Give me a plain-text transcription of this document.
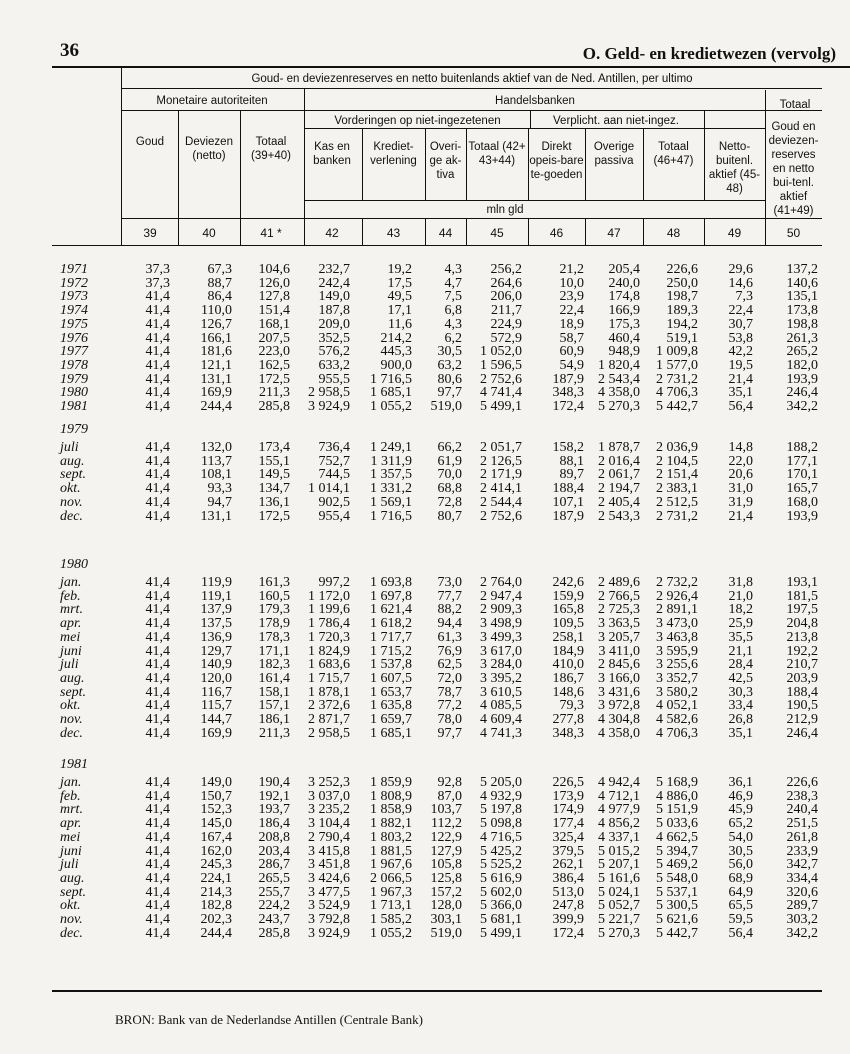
36	O. Geld- en kredietwezen (vervolg)
Goud- en deviezenreserves en netto buitenlands aktief van de Ned. Antillen, per ultimo
Monetaire autoriteiten	Handelsbanken	Totaal
Vorderingen op niet-ingezetenen	Verplicht. aan niet-ingez.
mln gld
Goud	Deviezen (netto)
Totaal (39+40)
Kas en banken
Krediet-verlening
Overi-ge ak-tiva
Totaal (42+ 43+44)
Direkt opeis-bare te-goeden
Overige passiva
Totaal (46+47)
Netto-buitenl. aktief (45-48)
Goud en deviezen-reserves en netto bui-tenl. aktief (41+49)
39	40	41 *	42	43	44	45	46	47	48	49	50
1971	37,3	67,3	104,6	232,7	19,2	4,3	256,2	21,2	205,4	226,6	29,6	137,2
1972	37,3	88,7	126,0	242,4	17,5	4,7	264,6	10,0	240,0	250,0	14,6	140,6
1973	41,4	86,4	127,8	149,0	49,5	7,5	206,0	23,9	174,8	198,7	7,3	135,1
1974	41,4	110,0	151,4	187,8	17,1	6,8	211,7	22,4	166,9	189,3	22,4	173,8
1975	41,4	126,7	168,1	209,0	11,6	4,3	224,9	18,9	175,3	194,2	30,7	198,8
1976	41,4	166,1	207,5	352,5	214,2	6,2	572,9	58,7	460,4	519,1	53,8	261,3
1977	41,4	181,6	223,0	576,2	445,3	30,5	1 052,0	60,9	948,9	1 009,8	42,2	265,2
1978	41,4	121,1	162,5	633,2	900,0	63,2	1 596,5	54,9	1 820,4	1 577,0	19,5	182,0
1979	41,4	131,1	172,5	955,5	1 716,5	80,6	2 752,6	187,9	2 543,4	2 731,2	21,4	193,9
1980	41,4	169,9	211,3	2 958,5	1 685,1	97,7	4 741,4	348,3	4 358,0	4 706,3	35,1	246,4
1981	41,4	244,4	285,8	3 924,9	1 055,2	519,0	5 499,1	172,4	5 270,3	5 442,7	56,4	342,2
1979
juli	41,4	132,0	173,4	736,4	1 249,1	66,2	2 051,7	158,2	1 878,7	2 036,9	14,8	188,2
aug.	41,4	113,7	155,1	752,7	1 311,9	61,9	2 126,5	88,1	2 016,4	2 104,5	22,0	177,1
sept.	41,4	108,1	149,5	744,5	1 357,5	70,0	2 171,9	89,7	2 061,7	2 151,4	20,6	170,1
okt.	41,4	93,3	134,7	1 014,1	1 331,2	68,8	2 414,1	188,4	2 194,7	2 383,1	31,0	165,7
nov.	41,4	94,7	136,1	902,5	1 569,1	72,8	2 544,4	107,1	2 405,4	2 512,5	31,9	168,0
dec.	41,4	131,1	172,5	955,4	1 716,5	80,7	2 752,6	187,9	2 543,3	2 731,2	21,4	193,9
1980
jan.	41,4	119,9	161,3	997,2	1 693,8	73,0	2 764,0	242,6	2 489,6	2 732,2	31,8	193,1
feb.	41,4	119,1	160,5	1 172,0	1 697,8	77,7	2 947,4	159,9	2 766,5	2 926,4	21,0	181,5
mrt.	41,4	137,9	179,3	1 199,6	1 621,4	88,2	2 909,3	165,8	2 725,3	2 891,1	18,2	197,5
apr.	41,4	137,5	178,9	1 786,4	1 618,2	94,4	3 498,9	109,5	3 363,5	3 473,0	25,9	204,8
mei	41,4	136,9	178,3	1 720,3	1 717,7	61,3	3 499,3	258,1	3 205,7	3 463,8	35,5	213,8
juni	41,4	129,7	171,1	1 824,9	1 715,2	76,9	3 617,0	184,9	3 411,0	3 595,9	21,1	192,2
juli	41,4	140,9	182,3	1 683,6	1 537,8	62,5	3 284,0	410,0	2 845,6	3 255,6	28,4	210,7
aug.	41,4	120,0	161,4	1 715,7	1 607,5	72,0	3 395,2	186,7	3 166,0	3 352,7	42,5	203,9
sept.	41,4	116,7	158,1	1 878,1	1 653,7	78,7	3 610,5	148,6	3 431,6	3 580,2	30,3	188,4
okt.	41,4	115,7	157,1	2 372,6	1 635,8	77,2	4 085,5	79,3	3 972,8	4 052,1	33,4	190,5
nov.	41,4	144,7	186,1	2 871,7	1 659,7	78,0	4 609,4	277,8	4 304,8	4 582,6	26,8	212,9
dec.	41,4	169,9	211,3	2 958,5	1 685,1	97,7	4 741,3	348,3	4 358,0	4 706,3	35,1	246,4
1981
jan.	41,4	149,0	190,4	3 252,3	1 859,9	92,8	5 205,0	226,5	4 942,4	5 168,9	36,1	226,6
feb.	41,4	150,7	192,1	3 037,0	1 808,9	87,0	4 932,9	173,9	4 712,1	4 886,0	46,9	238,3
mrt.	41,4	152,3	193,7	3 235,2	1 858,9	103,7	5 197,8	174,9	4 977,9	5 151,9	45,9	240,4
apr.	41,4	145,0	186,4	3 104,4	1 882,1	112,2	5 098,8	177,4	4 856,2	5 033,6	65,2	251,5
mei	41,4	167,4	208,8	2 790,4	1 803,2	122,9	4 716,5	325,4	4 337,1	4 662,5	54,0	261,8
juni	41,4	162,0	203,4	3 415,8	1 881,5	127,9	5 425,2	379,5	5 015,2	5 394,7	30,5	233,9
juli	41,4	245,3	286,7	3 451,8	1 967,6	105,8	5 525,2	262,1	5 207,1	5 469,2	56,0	342,7
aug.	41,4	224,1	265,5	3 424,6	2 066,5	125,8	5 616,9	386,4	5 161,6	5 548,0	68,9	334,4
sept.	41,4	214,3	255,7	3 477,5	1 967,3	157,2	5 602,0	513,0	5 024,1	5 537,1	64,9	320,6
okt.	41,4	182,8	224,2	3 524,9	1 713,1	128,0	5 366,0	247,8	5 052,7	5 300,5	65,5	289,7
nov.	41,4	202,3	243,7	3 792,8	1 585,2	303,1	5 681,1	399,9	5 221,7	5 621,6	59,5	303,2
dec.	41,4	244,4	285,8	3 924,9	1 055,2	519,0	5 499,1	172,4	5 270,3	5 442,7	56,4	342,2
BRON: Bank van de Nederlandse Antillen (Centrale Bank)
